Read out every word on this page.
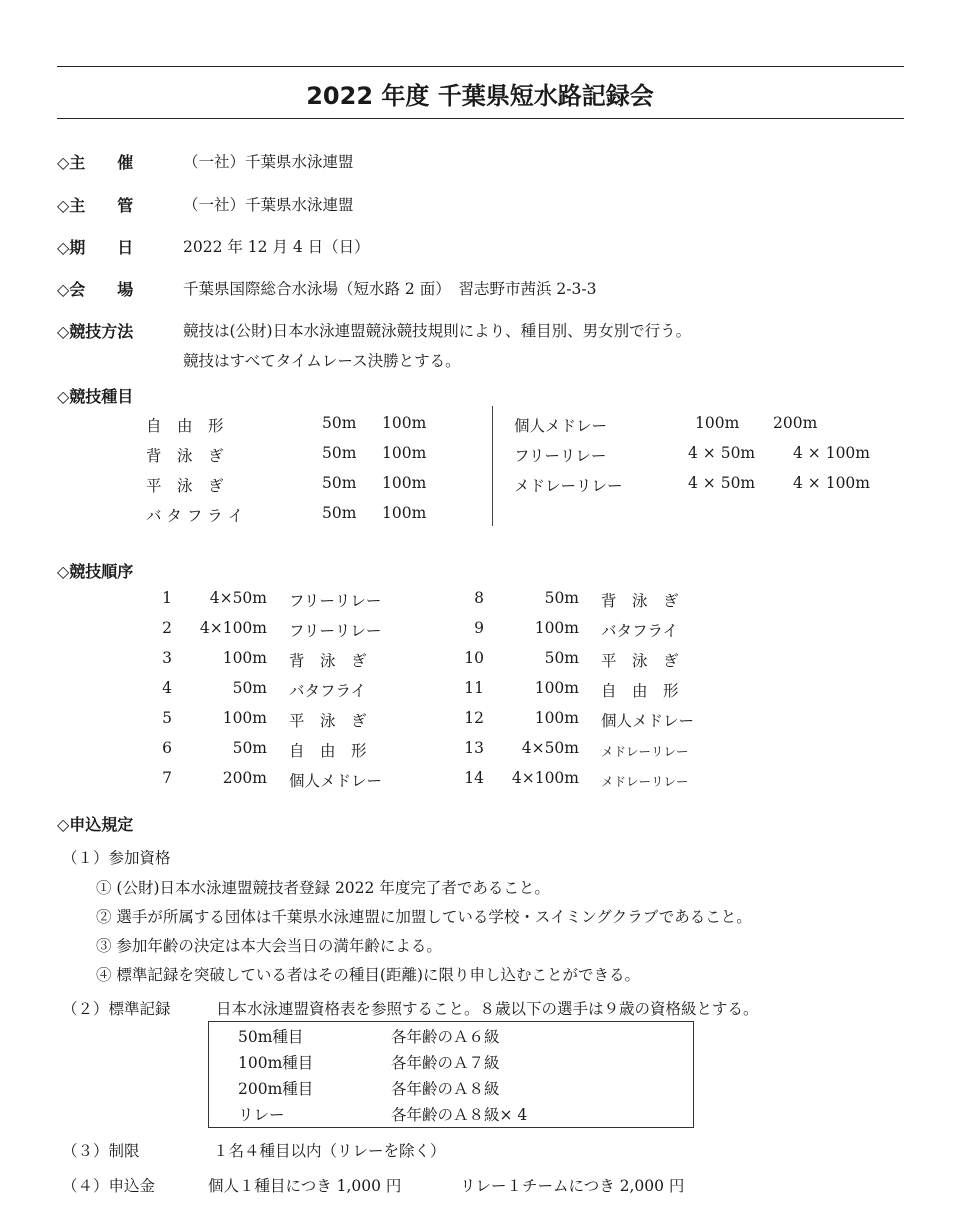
2022 年度 千葉県短水路記録会
◇主　　催	（一社）千葉県水泳連盟
◇主　　管	（一社）千葉県水泳連盟
◇期　　日	2022 年 12 月 4 日（日）
◇会　　場	千葉県国際総合水泳場（短水路 2 面）　習志野市茜浜 2-3-3
◇競技方法	競技は(公財)日本水泳連盟競泳競技規則により、種目別、男女別で行う。
競技はすべてタイムレース決勝とする。
◇競技種目
自　由　形	50m 100m
背　泳　ぎ	50m 100m
平　泳　ぎ	50m 100m
バ タ フ ラ イ	50m 100m
個人メドレー	100m 200m
フリーリレー	4 × 50m 4 × 100m
メドレーリレー	4 × 50m 4 × 100m
◇競技順序
1	4×50m フリーリレー
2	4×100m フリーリレー
3	100m 背　泳　ぎ
4	50m バタフライ
5	100m 平　泳　ぎ
6	50m 自　由　形
7	200m 個人メドレー
8	50m 背　泳　ぎ
9	100m バタフライ
10	50m 平　泳　ぎ
11	100m 自　由　形
12	100m 個人メドレー
13	4×50m メドレーリレー
14	4×100m メドレーリレー
◇申込規定
（１）参加資格
① (公財)日本水泳連盟競技者登録 2022 年度完了者であること。
② 選手が所属する団体は千葉県水泳連盟に加盟している学校・スイミングクラブであること。
③ 参加年齢の決定は本大会当日の満年齢による。
④ 標準記録を突破している者はその種目(距離)に限り申し込むことができる。
（２）標準記録	日本水泳連盟資格表を参照すること。８歳以下の選手は９歳の資格級とする。
50m種目	各年齢のＡ６級
100m種目	各年齢のＡ７級
200m種目	各年齢のＡ８級
リレー	各年齢のＡ８級× 4
（３）制限	１名４種目以内（リレーを除く）
（４）申込金	個人１種目につき 1,000 円	リレー１チームにつき 2,000 円
